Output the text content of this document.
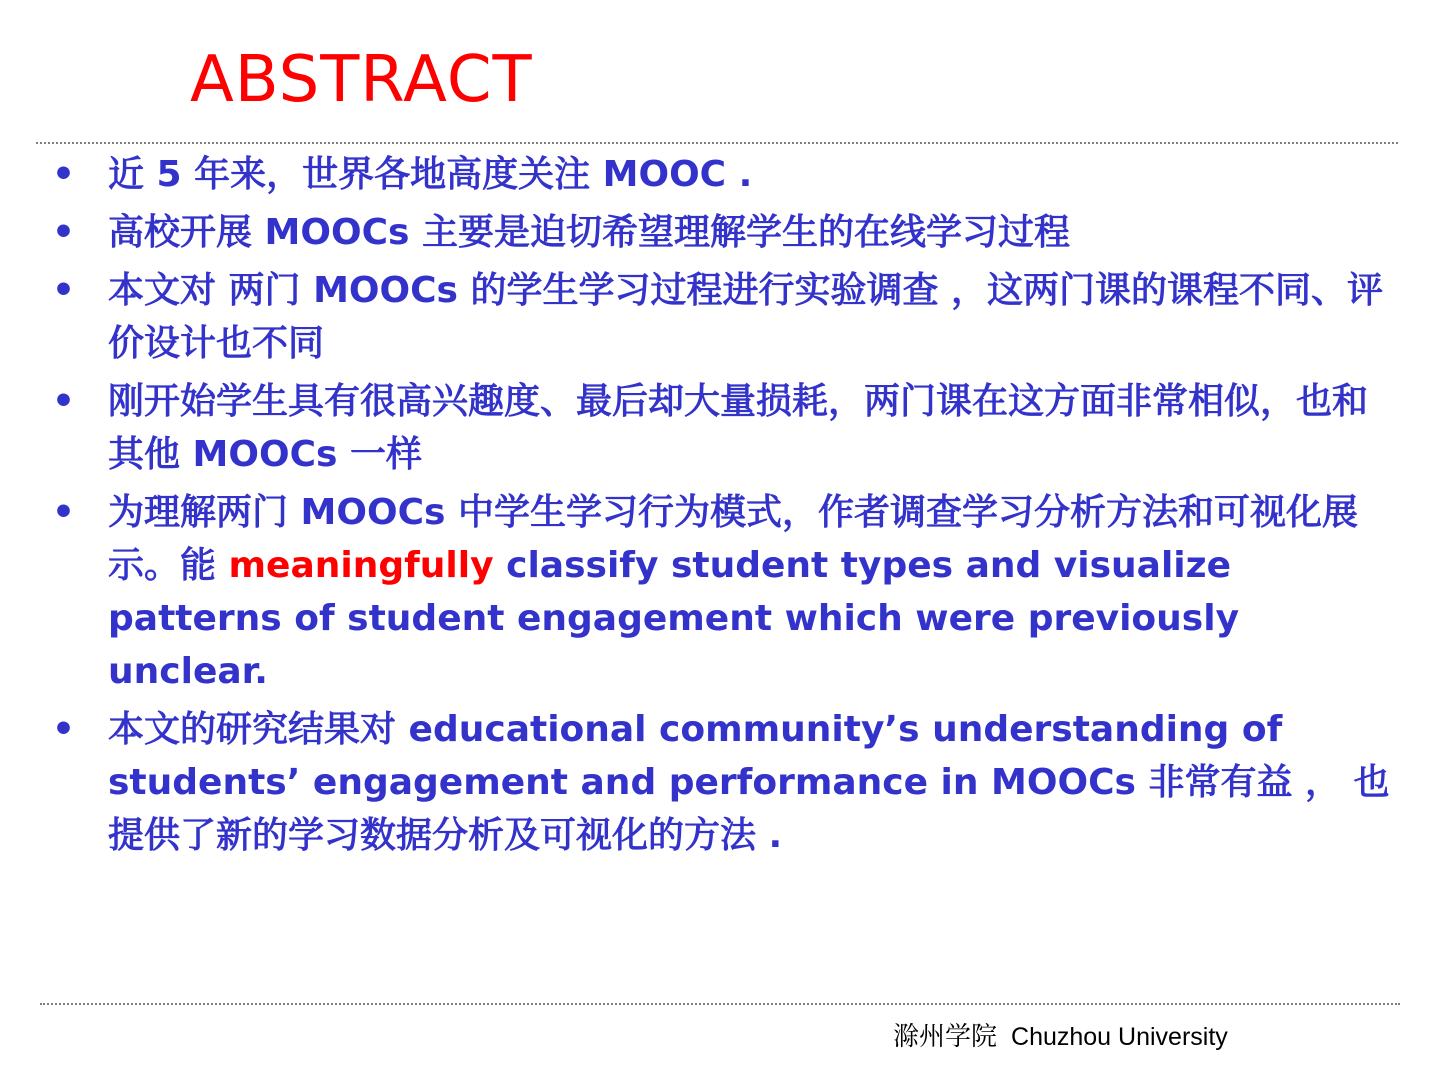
ABSTRACT
• 近 5 年来，世界各地高度关注 MOOC .
• 高校开展 MOOCs 主要是迫切希望理解学生的在线学习过程
• 本文对 两门 MOOCs 的学生学习过程进行实验调查 ，这两门课的课程不同、评价设计也不同
• 刚开始学生具有很高兴趣度、最后却大量损耗，两门课在这方面非常相似，也和其他 MOOCs 一样
• 为理解两门 MOOCs 中学生学习行为模式，作者调查学习分析方法和可视化展示。能 meaningfully classify student types and visualize patterns of student engagement which were previously unclear.
• 本文的研究结果对 educational community’s understanding of students’ engagement and performance in MOOCs 非常有益 ， 也提供了新的学习数据分析及可视化的方法 .
滁州学院 Chuzhou University
